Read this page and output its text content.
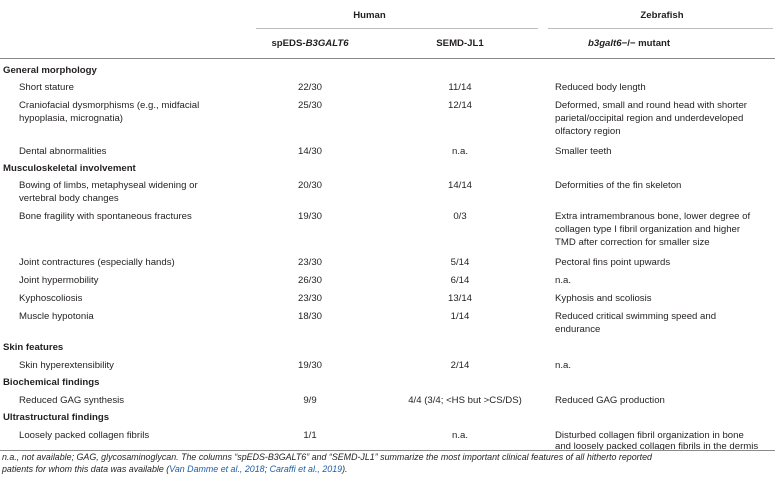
Human	Zebrafish
spEDS-B3GALT6	SEMD-JL1	b3galt6−/− mutant
General morphology
Short stature	22/30	11/14	Reduced body length
Craniofacial dysmorphisms (e.g., midfacial
hypoplasia, micrognatia)
25/30	12/14	Deformed, small and round head with shorter
parietal/occipital region and underdeveloped
olfactory region
Dental abnormalities	14/30	n.a.	Smaller teeth
Musculoskeletal involvement
Bowing of limbs, metaphyseal widening or
vertebral body changes
20/30	14/14	Deformities of the fin skeleton
Bone fragility with spontaneous fractures	19/30	0/3	Extra intramembranous bone, lower degree of
collagen type I fibril organization and higher
TMD after correction for smaller size
Joint contractures (especially hands)	23/30	5/14	Pectoral fins point upwards
Joint hypermobility	26/30	6/14	n.a.
Kyphoscoliosis	23/30	13/14	Kyphosis and scoliosis
Muscle hypotonia	18/30	1/14	Reduced critical swimming speed and
endurance
Skin features
Skin hyperextensibility	19/30	2/14	n.a.
Biochemical findings
Reduced GAG synthesis	9/9	4/4 (3/4; <HS but >CS/DS)	Reduced GAG production
Ultrastructural findings
Loosely packed collagen fibrils	1/1	n.a.	Disturbed collagen fibril organization in bone
and loosely packed collagen fibrils in the dermis
n.a., not available; GAG, glycosaminoglycan. The columns “spEDS-B3GALT6” and “SEMD-JL1” summarize the most important clinical features of all hitherto reported
patients for whom this data was available (Van Damme et al., 2018; Caraffi et al., 2019).
